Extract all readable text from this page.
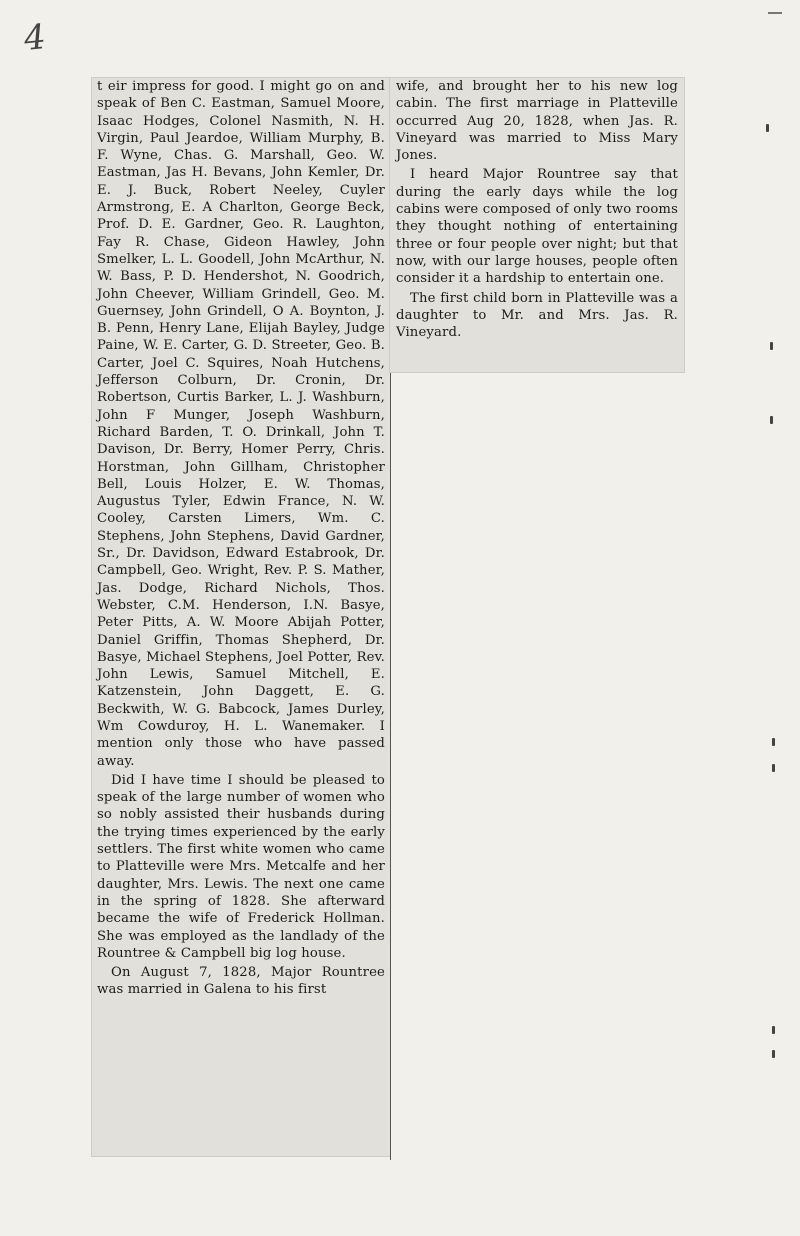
4

t eir impress for good. I might go on and speak of Ben C. Eastman, Samuel Moore, Isaac Hodges, Colonel Nasmith, N. H. Virgin, Paul Jeardoe, William Murphy, B. F. Wyne, Chas. G. Marshall, Geo. W. Eastman, Jas H. Bevans, John Kemler, Dr. E. J. Buck, Robert Neeley, Cuyler Armstrong, E. A Charlton, George Beck, Prof. D. E. Gardner, Geo. R. Laughton, Fay R. Chase, Gideon Hawley, John Smelker, L. L. Goodell, John McArthur, N. W. Bass, P. D. Hendershot, N. Goodrich, John Cheever, William Grindell, Geo. M. Guernsey, John Grindell, O A. Boynton, J. B. Penn, Henry Lane, Elijah Bayley, Judge Paine, W. E. Carter, G. D. Streeter, Geo. B. Carter, Joel C. Squires, Noah Hutchens, Jefferson Colburn, Dr. Cronin, Dr. Robertson, Curtis Barker, L. J. Washburn, John F Munger, Joseph Washburn, Richard Barden, T. O. Drinkall, John T. Davison, Dr. Berry, Homer Perry, Chris. Horstman, John Gillham, Christopher Bell, Louis Holzer, E. W. Thomas, Augustus Tyler, Edwin France, N. W. Cooley, Carsten Limers, Wm. C. Stephens, John Stephens, David Gardner, Sr., Dr. Davidson, Edward Estabrook, Dr. Campbell, Geo. Wright, Rev. P. S. Mather, Jas. Dodge, Richard Nichols, Thos. Webster, C.M. Henderson, I.N. Basye, Peter Pitts, A. W. Moore Abijah Potter, Daniel Griffin, Thomas Shepherd, Dr. Basye, Michael Stephens, Joel Potter, Rev. John Lewis, Samuel Mitchell, E. Katzenstein, John Daggett, E. G. Beckwith, W. G. Babcock, James Durley, Wm Cowduroy, H. L. Wanemaker. I mention only those who have passed away.

Did I have time I should be pleased to speak of the large number of women who so nobly assisted their husbands during the trying times experienced by the early settlers. The first white women who came to Platteville were Mrs. Metcalfe and her daughter, Mrs. Lewis. The next one came in the spring of 1828. She afterward became the wife of Frederick Hollman. She was employed as the landlady of the Rountree & Campbell big log house.

On August 7, 1828, Major Rountree was married in Galena to his first

wife, and brought her to his new log cabin. The first marriage in Platteville occurred Aug 20, 1828, when Jas. R. Vineyard was married to Miss Mary Jones.

I heard Major Rountree say that during the early days while the log cabins were composed of only two rooms they thought nothing of entertaining three or four people over night; but that now, with our large houses, people often consider it a hardship to entertain one.

The first child born in Platteville was a daughter to Mr. and Mrs. Jas. R. Vineyard.
